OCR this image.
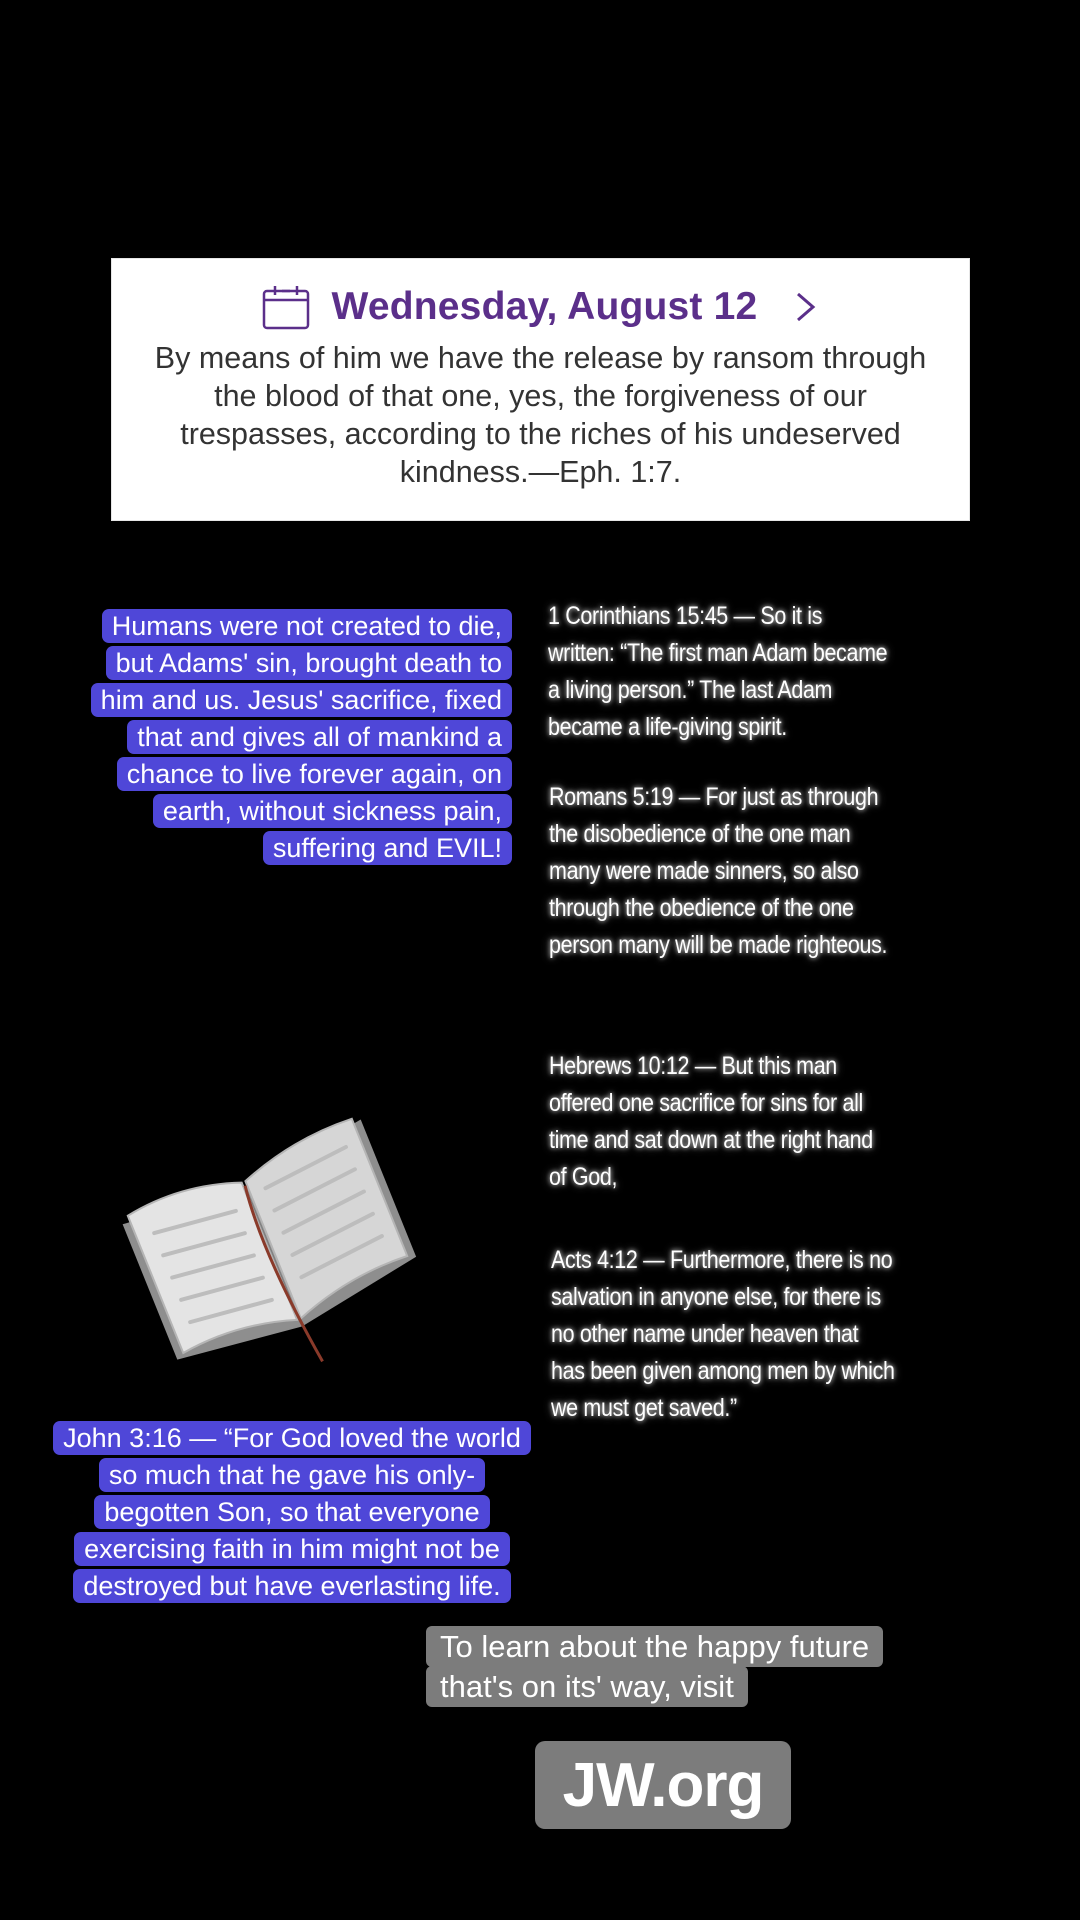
Wednesday, August 12
By means of him we have the release by ransom through the blood of that one, yes, the forgiveness of our trespasses, according to the riches of his undeserved kindness.—Eph. 1:7.

Humans were not created to die, but Adams' sin, brought death to him and us. Jesus' sacrifice, fixed that and gives all of mankind a chance to live forever again, on earth, without sickness pain, suffering and EVIL!

1 Corinthians 15:45 — So it is written: “The first man Adam became a living person.” The last Adam became a life-giving spirit.
Romans 5:19 — For just as through the disobedience of the one man many were made sinners, so also through the obedience of the one person many will be made righteous.
Hebrews 10:12 — But this man offered one sacrifice for sins for all time and sat down at the right hand of God,
Acts 4:12 — Furthermore, there is no salvation in anyone else, for there is no other name under heaven that has been given among men by which we must get saved.”

John 3:16 — “For God loved the world so much that he gave his only-begotten Son, so that everyone exercising faith in him might not be destroyed but have everlasting life.

To learn about the happy future that's on its' way, visit

JW.org
